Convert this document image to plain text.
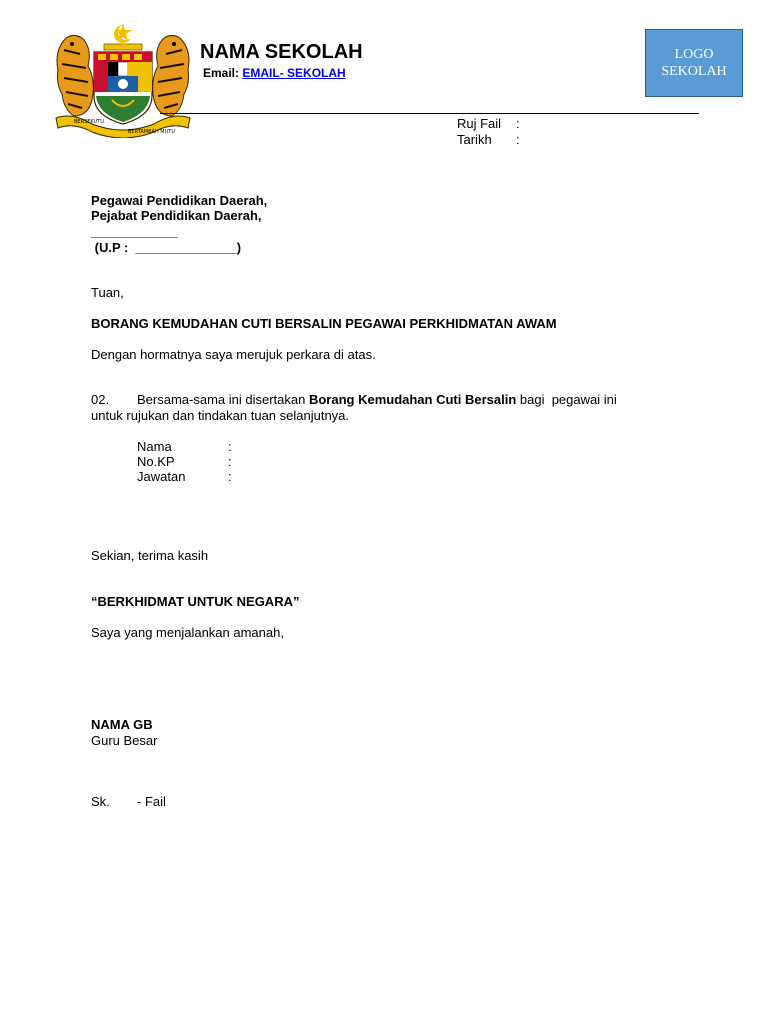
BERSEKUTU
BERTAMBAH MUTU
NAMA SEKOLAH
Email: EMAIL- SEKOLAH
LOGO
SEKOLAH
Ruj Fail :
Tarikh :
Pegawai Pendidikan Daerah,
Pejabat Pendidikan Daerah,
____________
(U.P :  ______________)
Tuan,
BORANG KEMUDAHAN CUTI BERSALIN PEGAWAI PERKHIDMATAN AWAM
Dengan hormatnya saya merujuk perkara di atas.
02. Bersama-sama ini disertakan Borang Kemudahan Cuti Bersalin bagi  pegawai ini
untuk rujukan dan tindakan tuan selanjutnya.
Nama	:
No.KP	:
Jawatan	:
Sekian, terima kasih
“BERKHIDMAT UNTUK NEGARA”
Saya yang menjalankan amanah,
NAMA GB
Guru Besar
Sk. - Fail
